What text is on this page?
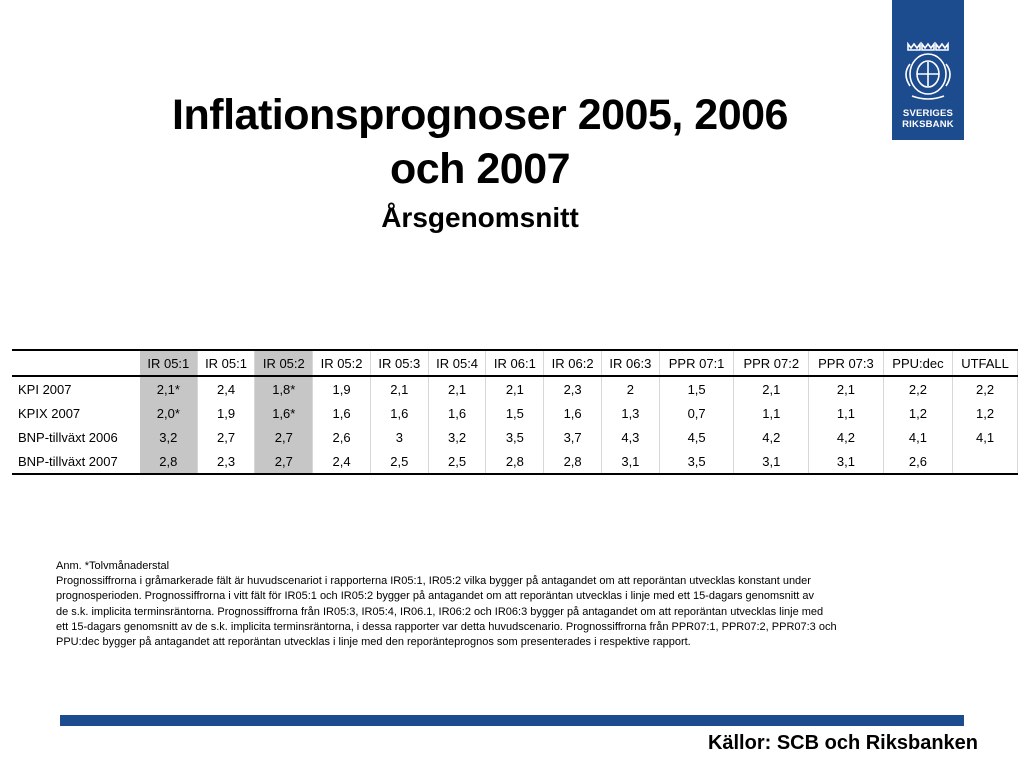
SVERIGES
RIKSBANK
Inflationsprognoser 2005, 2006
och 2007
Årsgenomsnitt
	IR 05:1	IR 05:1	IR 05:2	IR 05:2	IR 05:3	IR 05:4	IR 06:1	IR 06:2	IR 06:3	PPR 07:1	PPR 07:2	PPR 07:3	PPU:dec	UTFALL
KPI 2007	2,1*	2,4	1,8*	1,9	2,1	2,1	2,1	2,3	2	1,5	2,1	2,1	2,2	2,2
KPIX 2007	2,0*	1,9	1,6*	1,6	1,6	1,6	1,5	1,6	1,3	0,7	1,1	1,1	1,2	1,2
BNP-tillväxt 2006	3,2	2,7	2,7	2,6	3	3,2	3,5	3,7	4,3	4,5	4,2	4,2	4,1	4,1
BNP-tillväxt 2007	2,8	2,3	2,7	2,4	2,5	2,5	2,8	2,8	3,1	3,5	3,1	3,1	2,6	
Anm. *Tolvmånaderstal
Prognossiffrorna i gråmarkerade fält är huvudscenariot i rapporterna IR05:1, IR05:2 vilka bygger på antagandet om att reporäntan utvecklas konstant under
prognosperioden. Prognossiffrorna i vitt fält för IR05:1 och IR05:2 bygger på antagandet om att reporäntan utvecklas i linje med ett 15-dagars genomsnitt av
de s.k. implicita terminsräntorna. Prognossiffrorna från IR05:3, IR05:4, IR06.1, IR06:2 och IR06:3 bygger på antagandet om att reporäntan utvecklas linje med
ett 15-dagars genomsnitt av de s.k. implicita terminsräntorna, i dessa rapporter var detta huvudscenario. Prognossiffrorna från PPR07:1, PPR07:2, PPR07:3 och
PPU:dec bygger på antagandet att reporäntan utvecklas i linje med den reporänteprognos som presenterades i respektive rapport.
Källor: SCB och Riksbanken
